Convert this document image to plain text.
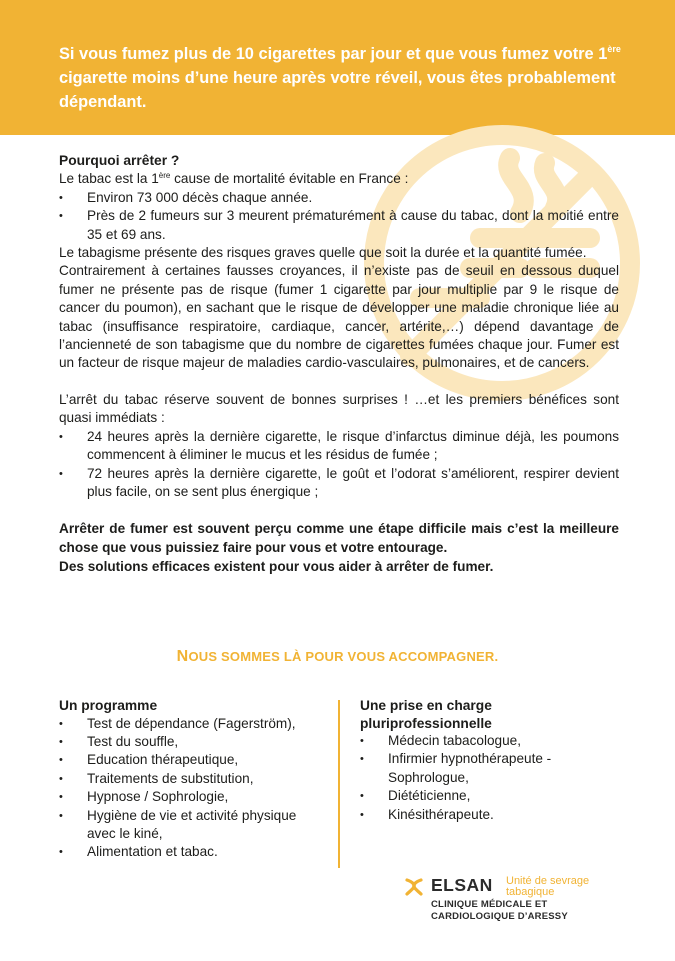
Si vous fumez plus de 10 cigarettes par jour et que vous fumez votre 1ère cigarette moins d’une heure après votre réveil, vous êtes probablement dépendant.
Pourquoi arrêter ?

Le tabac est la 1ère cause de mortalité évitable en France :

• Environ 73 000 décès chaque année.
• Près de 2 fumeurs sur 3 meurent prématurément à cause du tabac, dont la moitié entre 35 et 69 ans.

Le tabagisme présente des risques graves quelle que soit la durée et la quantité fumée.

Contrairement à certaines fausses croyances, il n’existe pas de seuil en dessous duquel fumer ne présente pas de risque (fumer 1 cigarette par jour multiplie par 9 le risque de cancer du poumon), en sachant que le risque de développer une maladie chronique liée au tabac (insuffisance respiratoire, cardiaque, cancer, artérite,…) dépend davantage de l’ancienneté de son tabagisme que du nombre de cigarettes fumées chaque jour. Fumer est un facteur de risque majeur de maladies cardio-vasculaires, pulmonaires, et de cancers.

L’arrêt du tabac réserve souvent de bonnes surprises ! …et les premiers bénéfices sont quasi immédiats :

• 24 heures après la dernière cigarette, le risque d’infarctus diminue déjà, les poumons commencent à éliminer le mucus et les résidus de fumée ;
• 72 heures après la dernière cigarette, le goût et l’odorat s’améliorent, respirer devient plus facile, on se sent plus énergique ;

Arrêter de fumer est souvent perçu comme une étape difficile mais c’est la meilleure chose que vous puissiez faire pour vous et votre entourage.

Des solutions efficaces existent pour vous aider à arrêter de fumer.

NOUS SOMMES LÀ POUR VOUS ACCOMPAGNER.
Un programme
• Test de dépendance (Fagerström),
• Test du souffle,
• Education thérapeutique,
• Traitements de substitution,
• Hypnose / Sophrologie,
• Hygiène de vie et activité physique avec le kiné,
• Alimentation et tabac.
Une prise en charge
pluriprofessionnelle
• Médecin tabacologue,
• Infirmier hypnothérapeute - Sophrologue,
• Diététicienne,
• Kinésithérapeute.
ELSAN Unité de sevrage
tabagique
CLINIQUE MÉDICALE ET
CARDIOLOGIQUE D’ARESSY
